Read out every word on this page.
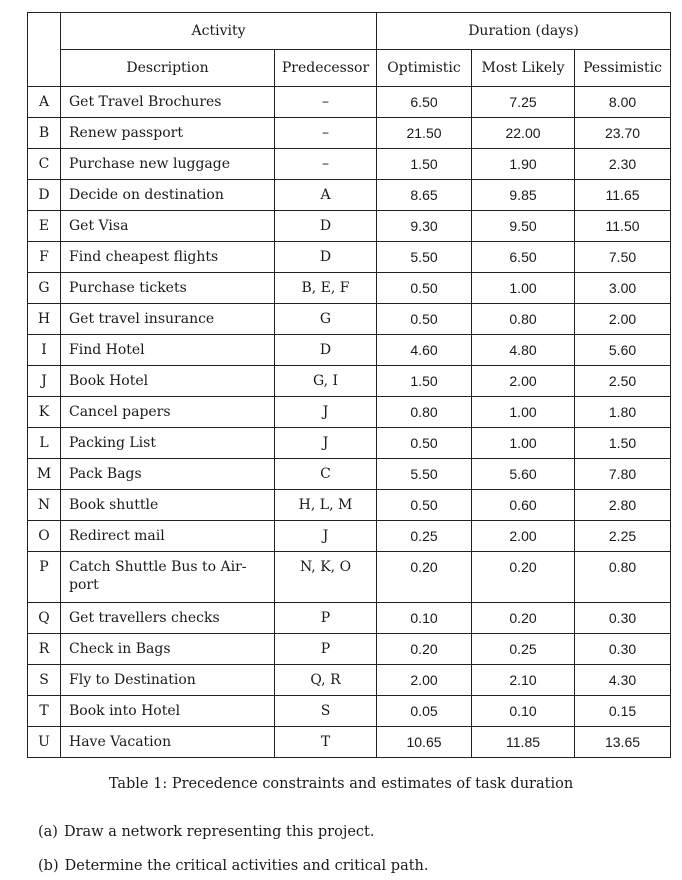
	Activity		Duration (days)		
	Description	Predecessor	Optimistic	Most Likely	Pessimistic

A	Get Travel Brochures	–	6.50	7.25	8.00

B	Renew passport	–	21.50	22.00	23.70

C	Purchase new luggage	–	1.50	1.90	2.30

D	Decide on destination	A	8.65	9.85	11.65

E	Get Visa	D	9.30	9.50	11.50

F	Find cheapest flights	D	5.50	6.50	7.50

G	Purchase tickets	B, E, F	0.50	1.00	3.00

H	Get travel insurance	G	0.50	0.80	2.00

I	Find Hotel	D	4.60	4.80	5.60

J	Book Hotel	G, I	1.50	2.00	2.50

K	Cancel papers	J	0.80	1.00	1.80

L	Packing List	J	0.50	1.00	1.50

M	Pack Bags	C	5.50	5.60	7.80

N	Book shuttle	H, L, M	0.50	0.60	2.80

O	Redirect mail	J	0.25	2.00	2.25

P	Catch Shuttle Bus to Air-
port	N, K, O	0.20	0.20	0.80

Q	Get travellers checks	P	0.10	0.20	0.30

R	Check in Bags	P	0.20	0.25	0.30

S	Fly to Destination	Q, R	2.00	2.10	4.30

T	Book into Hotel	S	0.05	0.10	0.15

U	Have Vacation	T	10.65	11.85	13.65
Table 1: Precedence constraints and estimates of task duration
(a) Draw a network representing this project.
(b) Determine the critical activities and critical path.
